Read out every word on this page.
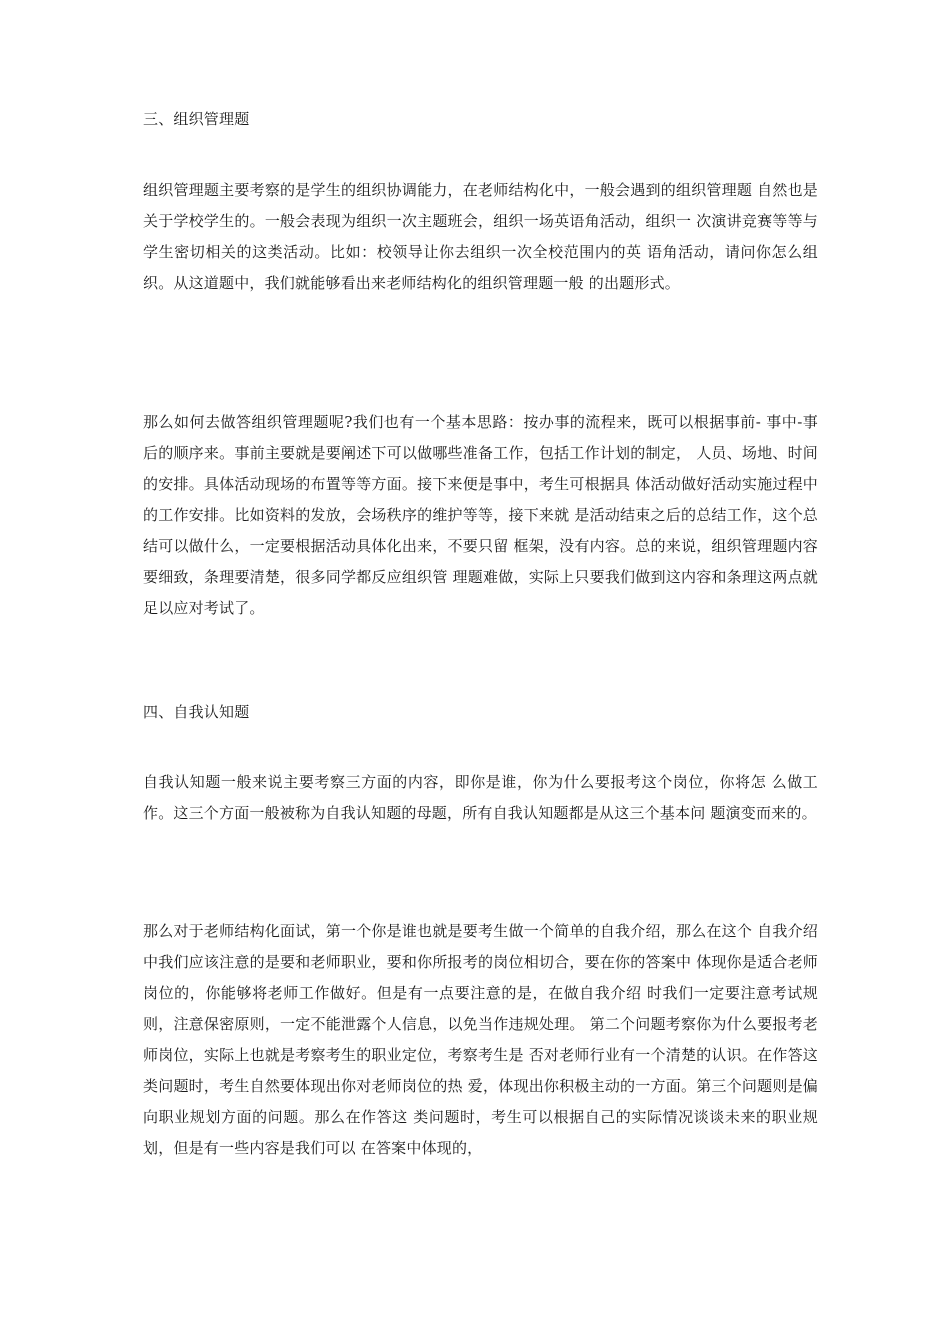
三、组织管理题

组织管理题主要考察的是学生的组织协调能力，在老师结构化中，一般会遇到的组织管理题 自然也是关于学校学生的。一般会表现为组织一次主题班会，组织一场英语角活动，组织一 次演讲竞赛等等与学生密切相关的这类活动。比如：校领导让你去组织一次全校范围内的英 语角活动，请问你怎么组织。从这道题中，我们就能够看出来老师结构化的组织管理题一般 的出题形式。

那么如何去做答组织管理题呢?我们也有一个基本思路：按办事的流程来，既可以根据事前- 事中-事后的顺序来。事前主要就是要阐述下可以做哪些准备工作，包括工作计划的制定， 人员、场地、时间的安排。具体活动现场的布置等等方面。接下来便是事中，考生可根据具 体活动做好活动实施过程中的工作安排。比如资料的发放，会场秩序的维护等等，接下来就 是活动结束之后的总结工作，这个总结可以做什么，一定要根据活动具体化出来，不要只留 框架，没有内容。总的来说，组织管理题内容要细致，条理要清楚，很多同学都反应组织管 理题难做，实际上只要我们做到这内容和条理这两点就足以应对考试了。

四、自我认知题

自我认知题一般来说主要考察三方面的内容，即你是谁，你为什么要报考这个岗位，你将怎 么做工作。这三个方面一般被称为自我认知题的母题，所有自我认知题都是从这三个基本问 题演变而来的。

那么对于老师结构化面试，第一个你是谁也就是要考生做一个简单的自我介绍，那么在这个 自我介绍中我们应该注意的是要和老师职业，要和你所报考的岗位相切合，要在你的答案中 体现你是适合老师岗位的，你能够将老师工作做好。但是有一点要注意的是，在做自我介绍 时我们一定要注意考试规则，注意保密原则，一定不能泄露个人信息，以免当作违规处理。 第二个问题考察你为什么要报考老师岗位，实际上也就是考察考生的职业定位，考察考生是 否对老师行业有一个清楚的认识。在作答这类问题时，考生自然要体现出你对老师岗位的热 爱，体现出你积极主动的一方面。第三个问题则是偏向职业规划方面的问题。那么在作答这 类问题时，考生可以根据自己的实际情况谈谈未来的职业规划，但是有一些内容是我们可以 在答案中体现的，
